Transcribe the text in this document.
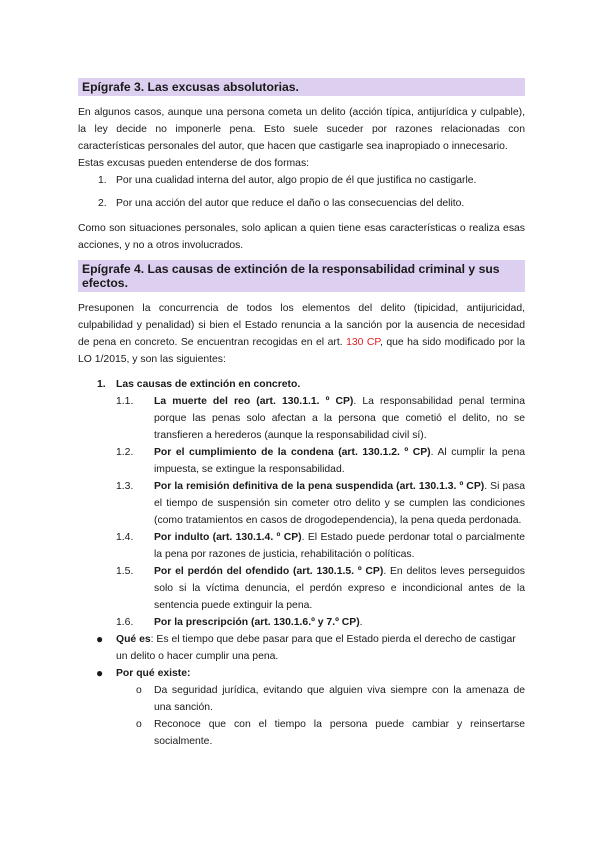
Epígrafe 3. Las excusas absolutorias.

En algunos casos, aunque una persona cometa un delito (acción típica, antijurídica y culpable), la ley decide no imponerle pena. Esto suele suceder por razones relacionadas con características personales del autor, que hacen que castigarle sea inapropiado o innecesario.

Estas excusas pueden entenderse de dos formas:

1. Por una cualidad interna del autor, algo propio de él que justifica no castigarle.
2. Por una acción del autor que reduce el daño o las consecuencias del delito.

Como son situaciones personales, solo aplican a quien tiene esas características o realiza esas acciones, y no a otros involucrados.

Epígrafe 4. Las causas de extinción de la responsabilidad criminal y sus efectos.

Presuponen la concurrencia de todos los elementos del delito (tipicidad, antijuricidad, culpabilidad y penalidad) si bien el Estado renuncia a la sanción por la ausencia de necesidad de pena en concreto. Se encuentran recogidas en el art. 130 CP, que ha sido modificado por la LO 1/2015, y son las siguientes:

1. Las causas de extinción en concreto.
1.1. La muerte del reo (art. 130.1.1. º CP). La responsabilidad penal termina porque las penas solo afectan a la persona que cometió el delito, no se transfieren a herederos (aunque la responsabilidad civil sí).
1.2. Por el cumplimiento de la condena (art. 130.1.2. º CP). Al cumplir la pena impuesta, se extingue la responsabilidad.
1.3. Por la remisión definitiva de la pena suspendida (art. 130.1.3. º CP). Si pasa el tiempo de suspensión sin cometer otro delito y se cumplen las condiciones (como tratamientos en casos de drogodependencia), la pena queda perdonada.
1.4. Por indulto (art. 130.1.4. º CP). El Estado puede perdonar total o parcialmente la pena por razones de justicia, rehabilitación o políticas.
1.5. Por el perdón del ofendido (art. 130.1.5. º CP). En delitos leves perseguidos solo si la víctima denuncia, el perdón expreso e incondicional antes de la sentencia puede extinguir la pena.
1.6. Por la prescripción (art. 130.1.6.º y 7.º CP).
● Qué es: Es el tiempo que debe pasar para que el Estado pierda el derecho de castigar un delito o hacer cumplir una pena.
● Por qué existe:
o Da seguridad jurídica, evitando que alguien viva siempre con la amenaza de una sanción.
o Reconoce que con el tiempo la persona puede cambiar y reinsertarse socialmente.
